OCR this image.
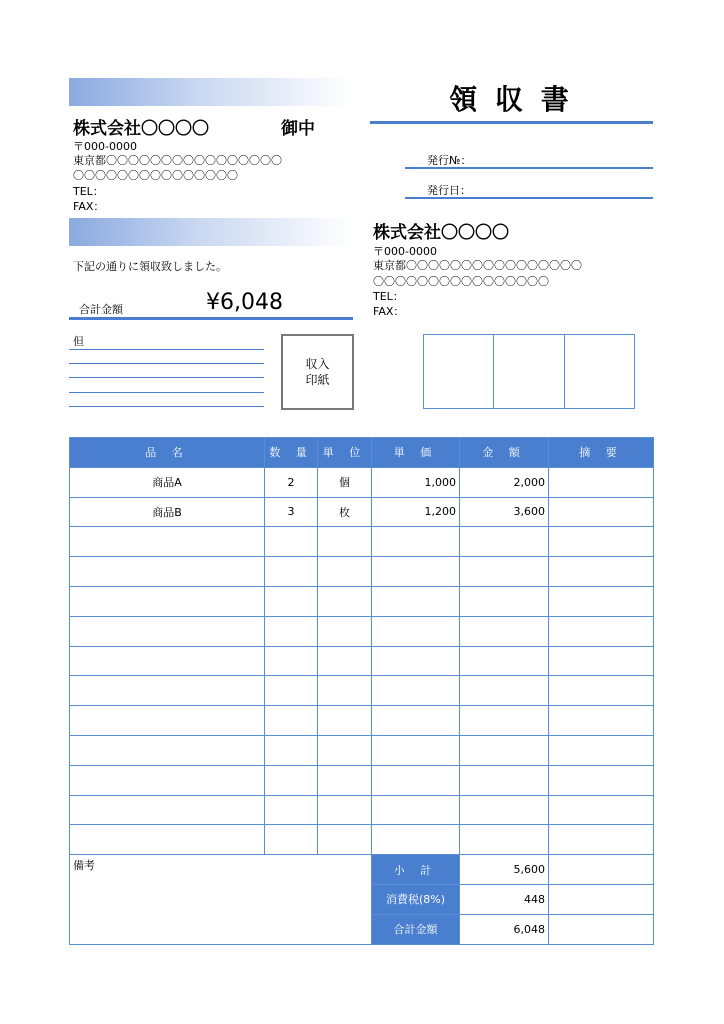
領 収 書
株式会社〇〇〇〇	御中
〒000-0000
東京都〇〇〇〇〇〇〇〇〇〇〇〇〇〇〇〇
〇〇〇〇〇〇〇〇〇〇〇〇〇〇〇
TEL：
FAX：
発行№：
発行日：
株式会社〇〇〇〇
〒000-0000
東京都〇〇〇〇〇〇〇〇〇〇〇〇〇〇〇〇
〇〇〇〇〇〇〇〇〇〇〇〇〇〇〇〇
TEL：
FAX：
下記の通りに領収致しました。
合計金額	¥6,048
但
収入
印紙
品 名	数 量	単 位	単 価	金 額	摘 要
商品A	2	個	1,000	2,000	
商品B	3	枚	1,200	3,600	

備考			小 計	5,600	
			消費税(8%)	448	
			合計金額	6,048	
